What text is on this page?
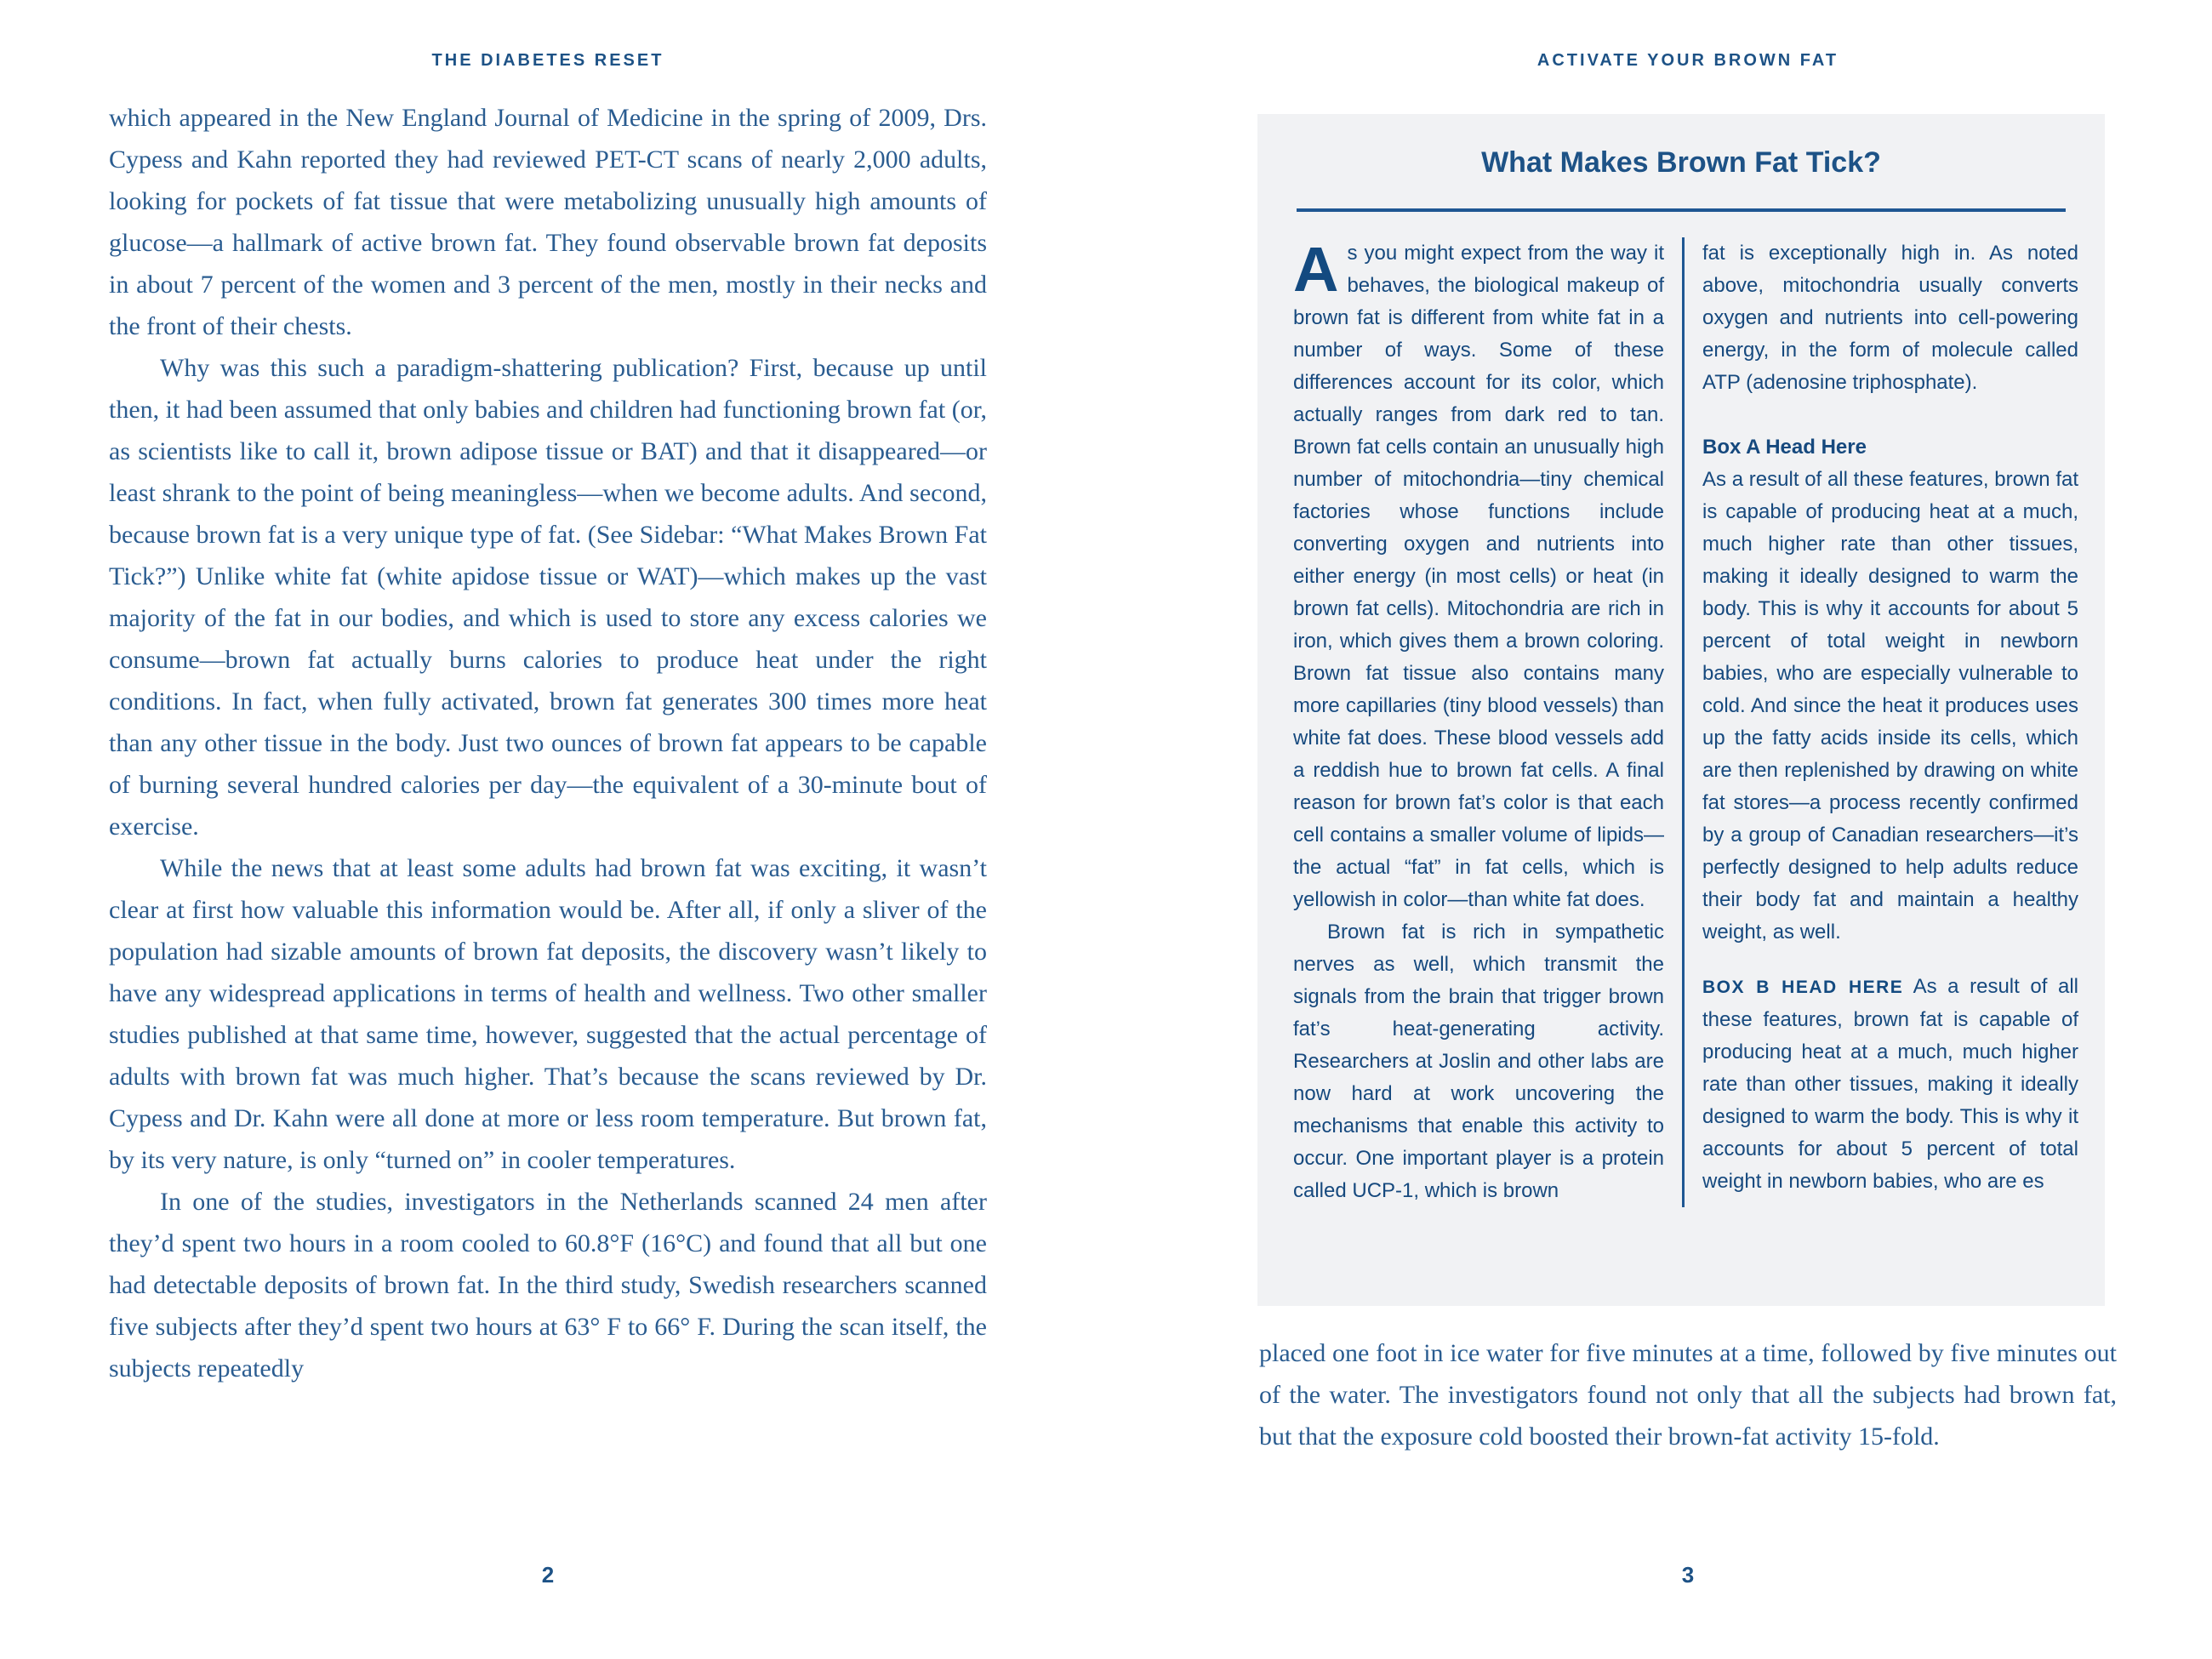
THE DIABETES RESET

which appeared in the New England Journal of Medicine in the spring of 2009, Drs. Cypess and Kahn reported they had reviewed PET-CT scans of nearly 2,000 adults, looking for pockets of fat tissue that were metabolizing unusually high amounts of glucose—a hallmark of active brown fat. They found observable brown fat deposits in about 7 percent of the women and 3 percent of the men, mostly in their necks and the front of their chests.

Why was this such a paradigm-shattering publication? First, because up until then, it had been assumed that only babies and children had functioning brown fat (or, as scientists like to call it, brown adipose tissue or BAT) and that it disappeared—or least shrank to the point of being meaningless—when we become adults. And second, because brown fat is a very unique type of fat. (See Sidebar: “What Makes Brown Fat Tick?”) Unlike white fat (white apidose tissue or WAT)—which makes up the vast majority of the fat in our bodies, and which is used to store any excess calories we consume—brown fat actually burns calories to produce heat under the right conditions. In fact, when fully activated, brown fat generates 300 times more heat than any other tissue in the body. Just two ounces of brown fat appears to be capable of burning several hundred calories per day—the equivalent of a 30-minute bout of exercise.

While the news that at least some adults had brown fat was exciting, it wasn’t clear at first how valuable this information would be. After all, if only a sliver of the population had sizable amounts of brown fat deposits, the discovery wasn’t likely to have any widespread applications in terms of health and wellness. Two other smaller studies published at that same time, however, suggested that the actual percentage of adults with brown fat was much higher. That’s because the scans reviewed by Dr. Cypess and Dr. Kahn were all done at more or less room temperature. But brown fat, by its very nature, is only “turned on” in cooler temperatures.

In one of the studies, investigators in the Netherlands scanned 24 men after they’d spent two hours in a room cooled to 60.8°F (16°C) and found that all but one had detectable deposits of brown fat. In the third study, Swedish researchers scanned five subjects after they’d spent two hours at 63° F to 66° F. During the scan itself, the subjects repeatedly

2
ACTIVATE YOUR BROWN FAT
What Makes Brown Fat Tick?

As you might expect from the way it behaves, the biological makeup of brown fat is different from white fat in a number of ways. Some of these differences account for its color, which actually ranges from dark red to tan. Brown fat cells contain an unusually high number of mitochondria—tiny chemical factories whose functions include converting oxygen and nutrients into either energy (in most cells) or heat (in brown fat cells). Mitochondria are rich in iron, which gives them a brown coloring. Brown fat tissue also contains many more capillaries (tiny blood vessels) than white fat does. These blood vessels add a reddish hue to brown fat cells. A final reason for brown fat’s color is that each cell contains a smaller volume of lipids—the actual “fat” in fat cells, which is yellowish in color—than white fat does.

Brown fat is rich in sympathetic nerves as well, which transmit the signals from the brain that trigger brown fat’s heat-generating activity. Researchers at Joslin and other labs are now hard at work uncovering the mechanisms that enable this activity to occur. One important player is a protein called UCP-1, which is brown

fat is exceptionally high in. As noted above, mitochondria usually converts oxygen and nutrients into cell-powering energy, in the form of molecule called ATP (adenosine triphosphate).

Box A Head Here

As a result of all these features, brown fat is capable of producing heat at a much, much higher rate than other tissues, making it ideally designed to warm the body. This is why it accounts for about 5 percent of total weight in newborn babies, who are especially vulnerable to cold. And since the heat it produces uses up the fatty acids inside its cells, which are then replenished by drawing on white fat stores—a process recently confirmed by a group of Canadian researchers—it’s perfectly designed to help adults reduce their body fat and maintain a healthy weight, as well.

BOX B HEAD HERE As a result of all these features, brown fat is capable of producing heat at a much, much higher rate than other tissues, making it ideally designed to warm the body. This is why it accounts for about 5 percent of total weight in newborn babies, who are es

placed one foot in ice water for five minutes at a time, followed by five minutes out of the water. The investigators found not only that all the subjects had brown fat, but that the exposure cold boosted their brown-fat activity 15-fold.

3
